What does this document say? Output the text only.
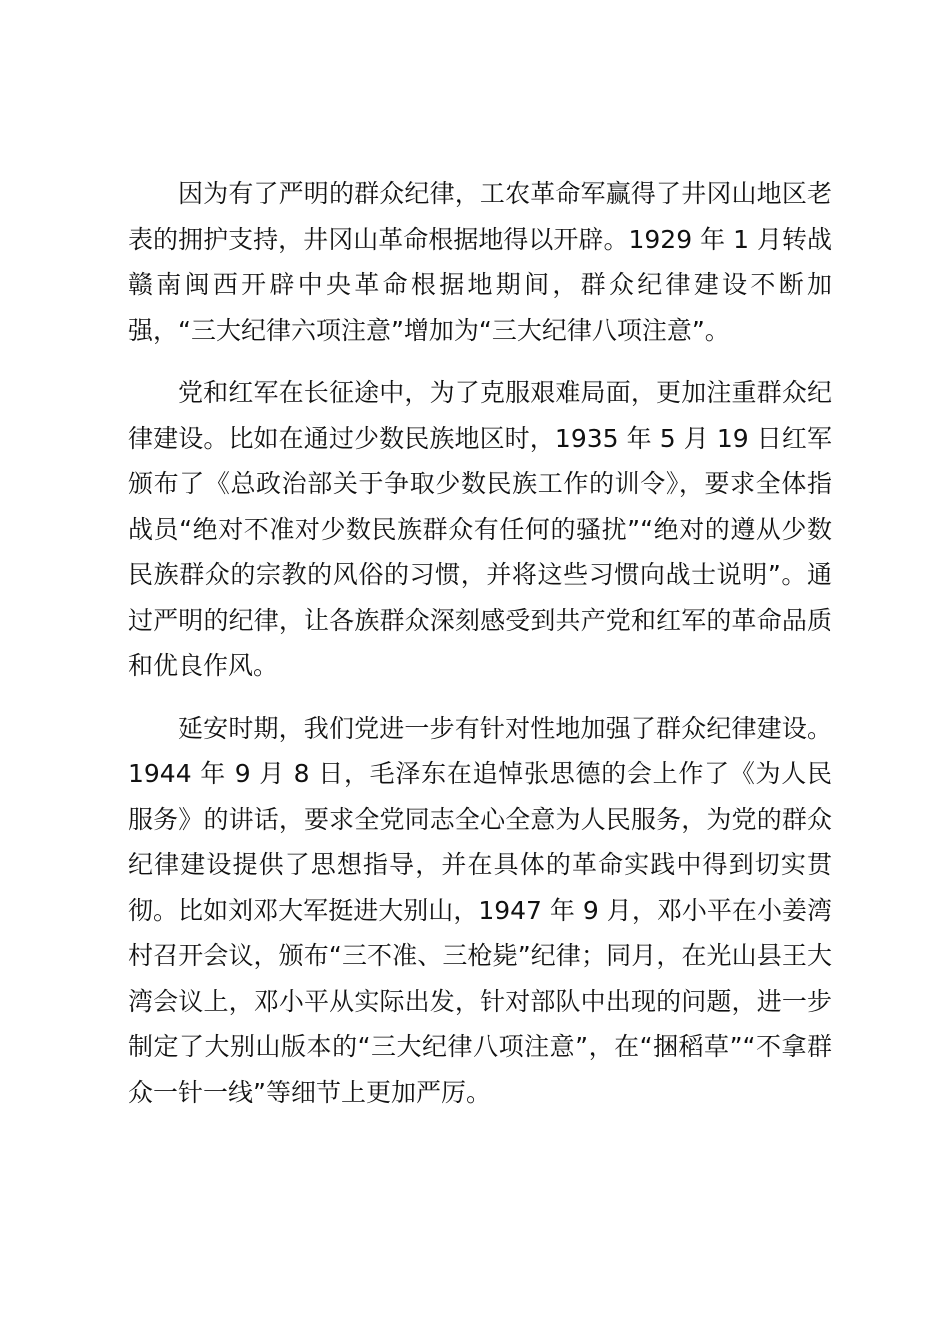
因为有了严明的群众纪律，工农革命军赢得了井冈山地区老表的拥护支持，井冈山革命根据地得以开辟。1929 年 1 月转战赣南闽西开辟中央革命根据地期间，群众纪律建设不断加强，“三大纪律六项注意”增加为“三大纪律八项注意”。

党和红军在长征途中，为了克服艰难局面，更加注重群众纪律建设。比如在通过少数民族地区时，1935 年 5 月 19 日红军颁布了《总政治部关于争取少数民族工作的训令》，要求全体指战员“绝对不准对少数民族群众有任何的骚扰”“绝对的遵从少数民族群众的宗教的风俗的习惯，并将这些习惯向战士说明”。通过严明的纪律，让各族群众深刻感受到共产党和红军的革命品质和优良作风。

延安时期，我们党进一步有针对性地加强了群众纪律建设。1944 年 9 月 8 日，毛泽东在追悼张思德的会上作了《为人民服务》的讲话，要求全党同志全心全意为人民服务，为党的群众纪律建设提供了思想指导，并在具体的革命实践中得到切实贯彻。比如刘邓大军挺进大别山，1947 年 9 月，邓小平在小姜湾村召开会议，颁布“三不准、三枪毙”纪律；同月，在光山县王大湾会议上，邓小平从实际出发，针对部队中出现的问题，进一步制定了大别山版本的“三大纪律八项注意”，在“捆稻草”“不拿群众一针一线”等细节上更加严厉。
